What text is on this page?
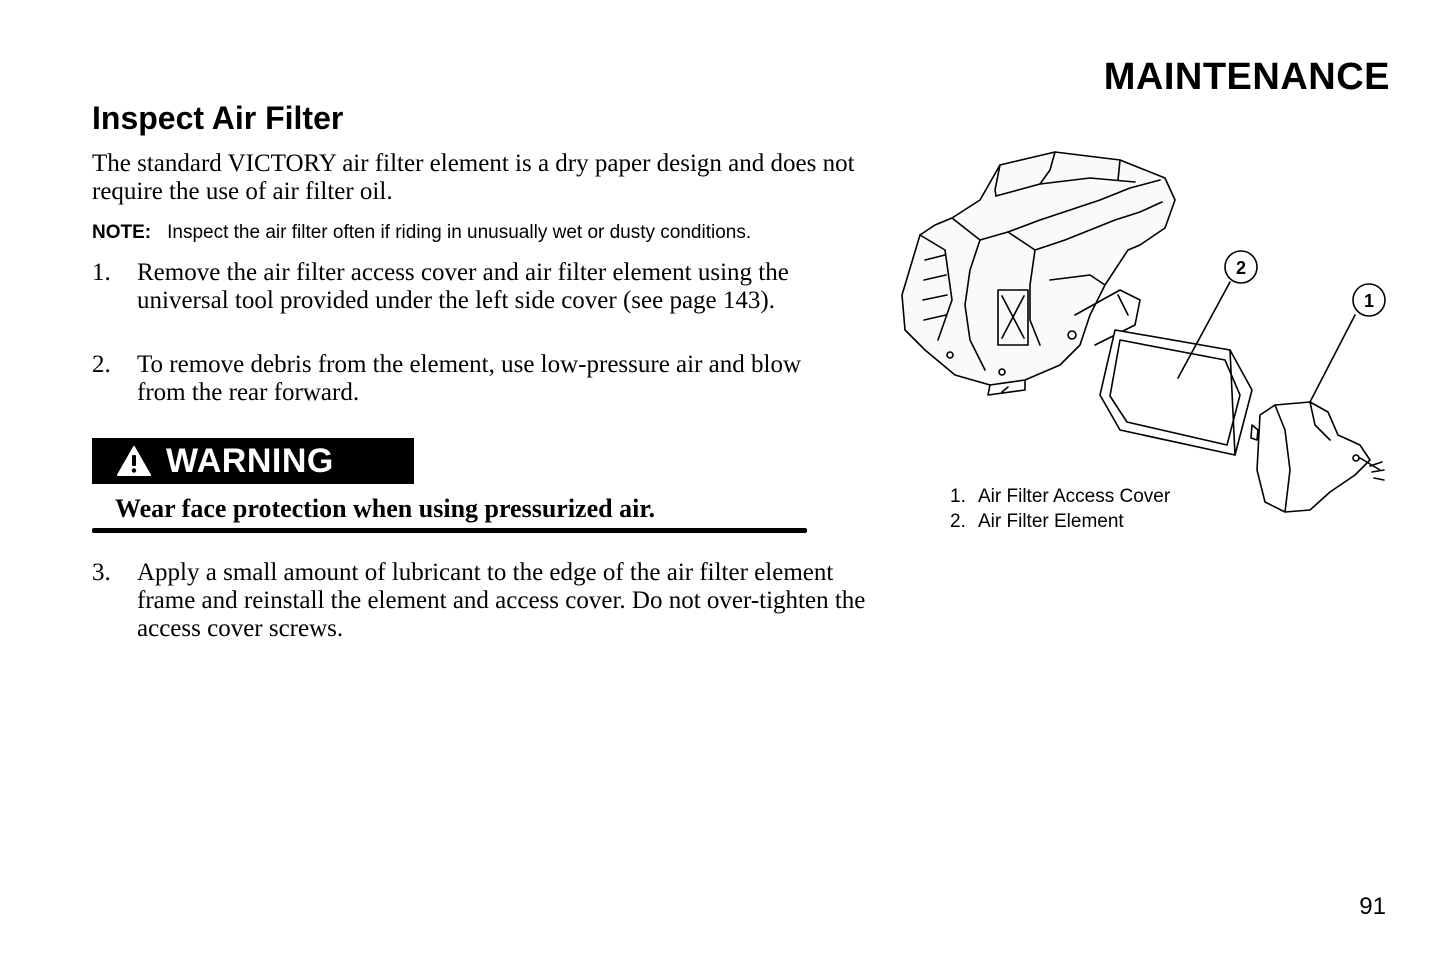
MAINTENANCE
Inspect Air Filter
The standard VICTORY air filter element is a dry paper design and does not require the use of air filter oil.
NOTE: Inspect the air filter often if riding in unusually wet or dusty conditions.
1. Remove the air filter access cover and air filter element using the universal tool provided under the left side cover (see page 143).
2. To remove debris from the element, use low-pressure air and blow from the rear forward.
WARNING
Wear face protection when using pressurized air.
3. Apply a small amount of lubricant to the edge of the air filter element frame and reinstall the element and access cover. Do not over-tighten the access cover screws.
2
1
1. Air Filter Access Cover
2. Air Filter Element
91
